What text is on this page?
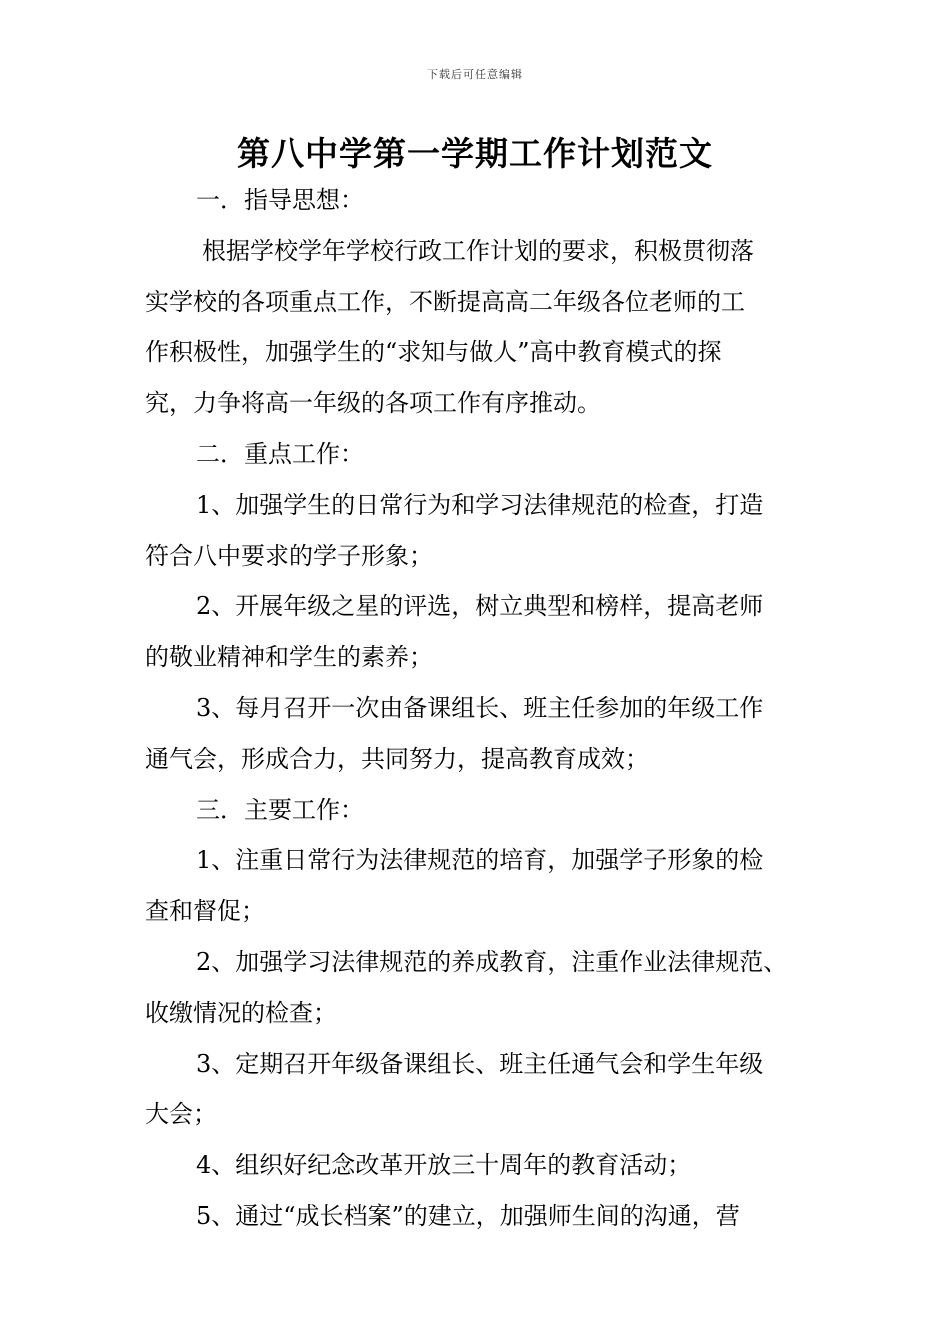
下载后可任意编辑
第八中学第一学期工作计划范文
一．指导思想：
根据学校学年学校行政工作计划的要求，积极贯彻落
实学校的各项重点工作，不断提高高二年级各位老师的工
作积极性，加强学生的“求知与做人”高中教育模式的探
究，力争将高一年级的各项工作有序推动。
二．重点工作：
1、加强学生的日常行为和学习法律规范的检查，打造
符合八中要求的学子形象；
2、开展年级之星的评选，树立典型和榜样，提高老师
的敬业精神和学生的素养；
3、每月召开一次由备课组长、班主任参加的年级工作
通气会，形成合力，共同努力，提高教育成效；
三．主要工作：
1、注重日常行为法律规范的培育，加强学子形象的检
查和督促；
2、加强学习法律规范的养成教育，注重作业法律规范、
收缴情况的检查；
3、定期召开年级备课组长、班主任通气会和学生年级
大会；
4、组织好纪念改革开放三十周年的教育活动；
5、通过“成长档案”的建立，加强师生间的沟通，营
